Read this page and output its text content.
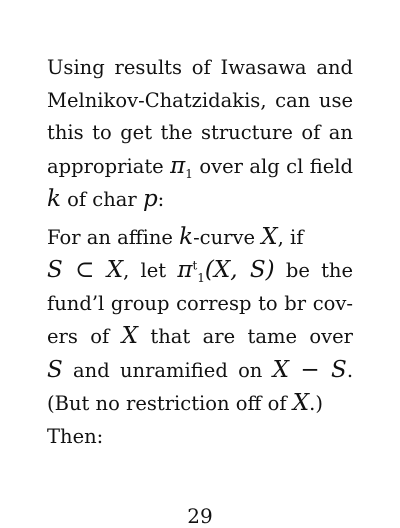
Using results of Iwasawa and
Melnikov-Chatzidakis, can use
this to get the structure of an
appropriate $\pi_1$ over alg cl field
k of char p:
For an affine k-curve X, if
S ⊂ X, let $\pi^t_1(X$, S) be the
fund’l group corresp to br cov-
ers of X that are tame over
S and unramified on X − S.
(But no restriction off of X.)
Then:
29
